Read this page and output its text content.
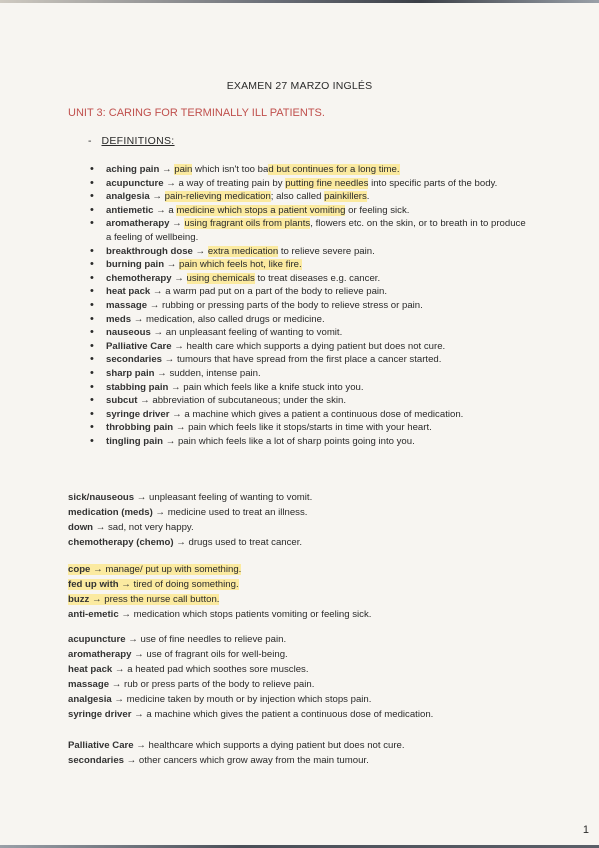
EXAMEN 27 MARZO INGLÉS
UNIT 3: CARING FOR TERMINALLY ILL PATIENTS.
- DEFINITIONS:
• aching pain → pain which isn't too bad but continues for a long time.
• acupuncture → a way of treating pain by putting fine needles into specific parts of the body.
• analgesia → pain-relieving medication; also called painkillers.
• antiemetic → a medicine which stops a patient vomiting or feeling sick.
• aromatherapy → using fragrant oils from plants, flowers etc. on the skin, or to breath in to produce a feeling of wellbeing.
• breakthrough dose → extra medication to relieve severe pain.
• burning pain → pain which feels hot, like fire.
• chemotherapy → using chemicals to treat diseases e.g. cancer.
• heat pack → a warm pad put on a part of the body to relieve pain.
• massage → rubbing or pressing parts of the body to relieve stress or pain.
• meds → medication, also called drugs or medicine.
• nauseous → an unpleasant feeling of wanting to vomit.
• Palliative Care → health care which supports a dying patient but does not cure.
• secondaries → tumours that have spread from the first place a cancer started.
• sharp pain → sudden, intense pain.
• stabbing pain → pain which feels like a knife stuck into you.
• subcut → abbreviation of subcutaneous; under the skin.
• syringe driver → a machine which gives a patient a continuous dose of medication.
• throbbing pain → pain which feels like it stops/starts in time with your heart.
• tingling pain → pain which feels like a lot of sharp points going into you.
sick/nauseous → unpleasant feeling of wanting to vomit.
medication (meds) → medicine used to treat an illness.
down → sad, not very happy.
chemotherapy (chemo) → drugs used to treat cancer.
cope → manage/ put up with something.
fed up with → tired of doing something.
buzz → press the nurse call button.
anti-emetic → medication which stops patients vomiting or feeling sick.
acupuncture → use of fine needles to relieve pain.
aromatherapy → use of fragrant oils for well-being.
heat pack → a heated pad which soothes sore muscles.
massage → rub or press parts of the body to relieve pain.
analgesia → medicine taken by mouth or by injection which stops pain.
syringe driver → a machine which gives the patient a continuous dose of medication.
Palliative Care → healthcare which supports a dying patient but does not cure.
secondaries → other cancers which grow away from the main tumour.
1
